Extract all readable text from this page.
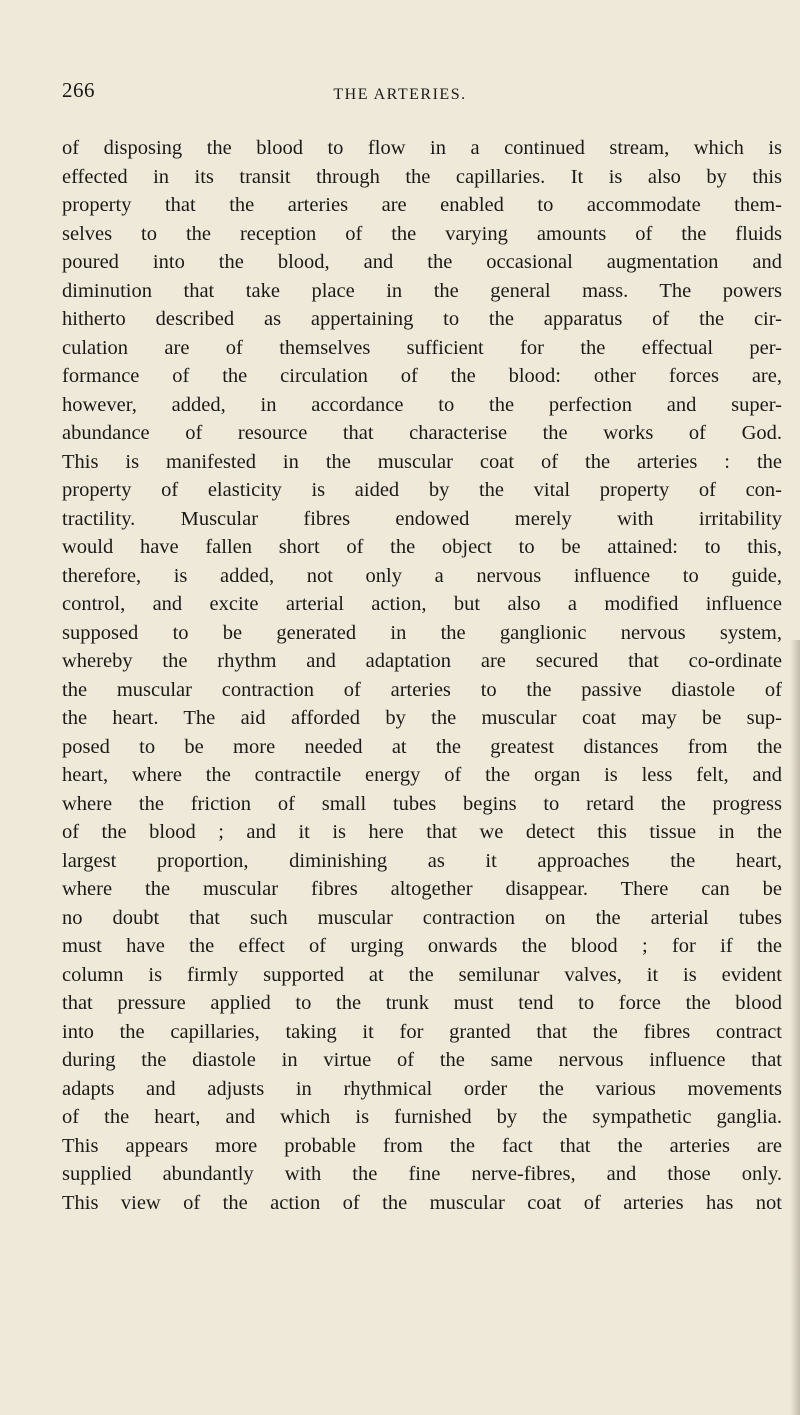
266	THE ARTERIES.
of disposing the blood to flow in a continued stream, which is
effected in its transit through the capillaries. It is also by this
property that the arteries are enabled to accommodate them-
selves to the reception of the varying amounts of the fluids
poured into the blood, and the occasional augmentation and
diminution that take place in the general mass. The powers
hitherto described as appertaining to the apparatus of the cir-
culation are of themselves sufficient for the effectual per-
formance of the circulation of the blood: other forces are,
however, added, in accordance to the perfection and super-
abundance of resource that characterise the works of God.
This is manifested in the muscular coat of the arteries : the
property of elasticity is aided by the vital property of con-
tractility. Muscular fibres endowed merely with irritability
would have fallen short of the object to be attained: to this,
therefore, is added, not only a nervous influence to guide,
control, and excite arterial action, but also a modified influence
supposed to be generated in the ganglionic nervous system,
whereby the rhythm and adaptation are secured that co-ordinate
the muscular contraction of arteries to the passive diastole of
the heart. The aid afforded by the muscular coat may be sup-
posed to be more needed at the greatest distances from the
heart, where the contractile energy of the organ is less felt, and
where the friction of small tubes begins to retard the progress
of the blood ; and it is here that we detect this tissue in the
largest proportion, diminishing as it approaches the heart,
where the muscular fibres altogether disappear. There can be
no doubt that such muscular contraction on the arterial tubes
must have the effect of urging onwards the blood ; for if the
column is firmly supported at the semilunar valves, it is evident
that pressure applied to the trunk must tend to force the blood
into the capillaries, taking it for granted that the fibres contract
during the diastole in virtue of the same nervous influence that
adapts and adjusts in rhythmical order the various movements
of the heart, and which is furnished by the sympathetic ganglia.
This appears more probable from the fact that the arteries are
supplied abundantly with the fine nerve-fibres, and those only.
This view of the action of the muscular coat of arteries has not
